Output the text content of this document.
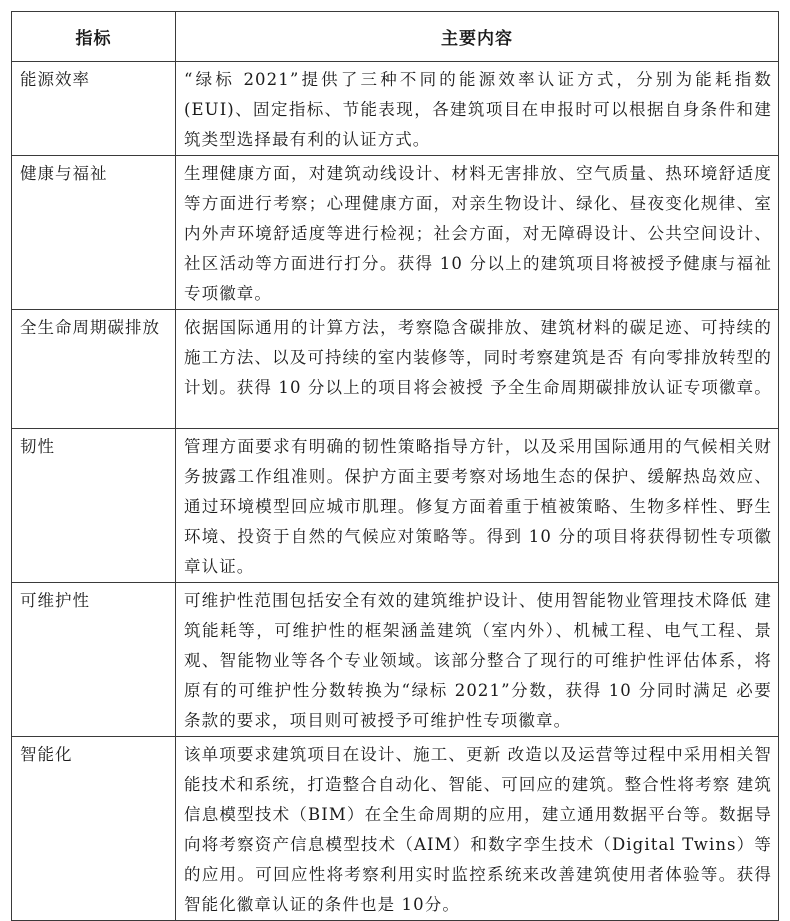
指标	主要内容
能源效率	“绿标 2021”提供了三种不同的能源效率认证方式，分别为能耗指数(EUI)、固定指标、节能表现，各建筑项目在申报时可以根据自身条件和建筑类型选择最有利的认证方式。
健康与福祉	生理健康方面，对建筑动线设计、材料无害排放、空气质量、热环境舒适度等方面进行考察；心理健康方面，对亲生物设计、绿化、昼夜变化规律、室内外声环境舒适度等进行检视；社会方面，对无障碍设计、公共空间设计、社区活动等方面进行打分。获得 10 分以上的建筑项目将被授予健康与福祉专项徽章。
全生命周期碳排放	依据国际通用的计算方法，考察隐含碳排放、建筑材料的碳足迹、可持续的施工方法、以及可持续的室内装修等，同时考察建筑是否 有向零排放转型的计划。获得 10 分以上的项目将会被授 予全生命周期碳排放认证专项徽章。
韧性	管理方面要求有明确的韧性策略指导方针，以及采用国际通用的气候相关财务披露工作组准则。保护方面主要考察对场地生态的保护、缓解热岛效应、通过环境模型回应城市肌理。修复方面着重于植被策略、生物多样性、野生环境、投资于自然的气候应对策略等。得到 10 分的项目将获得韧性专项徽章认证。
可维护性	可维护性范围包括安全有效的建筑维护设计、使用智能物业管理技术降低 建筑能耗等，可维护性的框架涵盖建筑（室内外）、机械工程、电气工程、景观、智能物业等各个专业领域。该部分整合了现行的可维护性评估体系，将原有的可维护性分数转换为“绿标 2021”分数，获得 10 分同时满足 必要条款的要求，项目则可被授予可维护性专项徽章。
智能化	该单项要求建筑项目在设计、施工、更新 改造以及运营等过程中采用相关智能技术和系统，打造整合自动化、智能、可回应的建筑。整合性将考察 建筑信息模型技术（BIM）在全生命周期的应用，建立通用数据平台等。数据导向将考察资产信息模型技术（AIM）和数字孪生技术（Digital Twins）等的应用。可回应性将考察利用实时监控系统来改善建筑使用者体验等。获得智能化徽章认证的条件也是 10分。
